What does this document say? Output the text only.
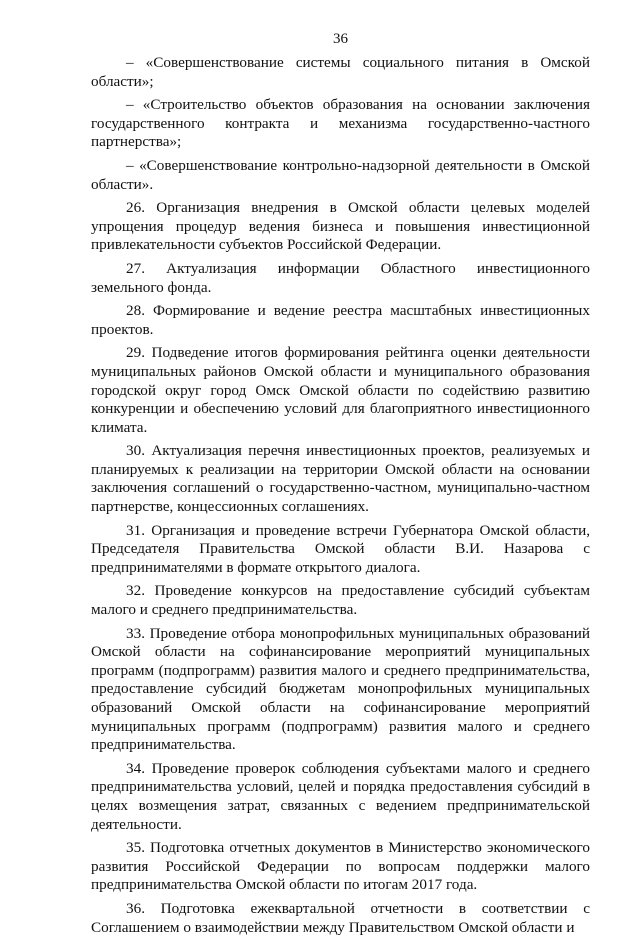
36

– «Совершенствование системы социального питания в Омской области»;

– «Строительство объектов образования на основании заключения государственного контракта и механизма государственно-частного партнерства»;

– «Совершенствование контрольно-надзорной деятельности в Омской области».

26. Организация внедрения в Омской области целевых моделей упрощения процедур ведения бизнеса и повышения инвестиционной привлекательности субъектов Российской Федерации.

27. Актуализация информации Областного инвестиционного земельного фонда.

28. Формирование и ведение реестра масштабных инвестиционных проектов.

29. Подведение итогов формирования рейтинга оценки деятельности муниципальных районов Омской области и муниципального образования городской округ город Омск Омской области по содействию развитию конкуренции и обеспечению условий для благоприятного инвестиционного климата.

30. Актуализация перечня инвестиционных проектов, реализуемых и планируемых к реализации на территории Омской области на основании заключения соглашений о государственно-частном, муниципально-частном партнерстве, концессионных соглашениях.

31. Организация и проведение встречи Губернатора Омской области, Председателя Правительства Омской области В.И. Назарова с предпринимателями в формате открытого диалога.

32. Проведение конкурсов на предоставление субсидий субъектам малого и среднего предпринимательства.

33. Проведение отбора монопрофильных муниципальных образований Омской области на софинансирование мероприятий муниципальных программ (подпрограмм) развития малого и среднего предпринимательства, предоставление субсидий бюджетам монопрофильных муниципальных образований Омской области на софинансирование мероприятий муниципальных программ (подпрограмм) развития малого и среднего предпринимательства.

34. Проведение проверок соблюдения субъектами малого и среднего предпринимательства условий, целей и порядка предоставления субсидий в целях возмещения затрат, связанных с ведением предпринимательской деятельности.

35. Подготовка отчетных документов в Министерство экономического развития Российской Федерации по вопросам поддержки малого предпринимательства Омской области по итогам 2017 года.

36. Подготовка ежеквартальной отчетности в соответствии с Соглашением о взаимодействии между Правительством Омской области и
